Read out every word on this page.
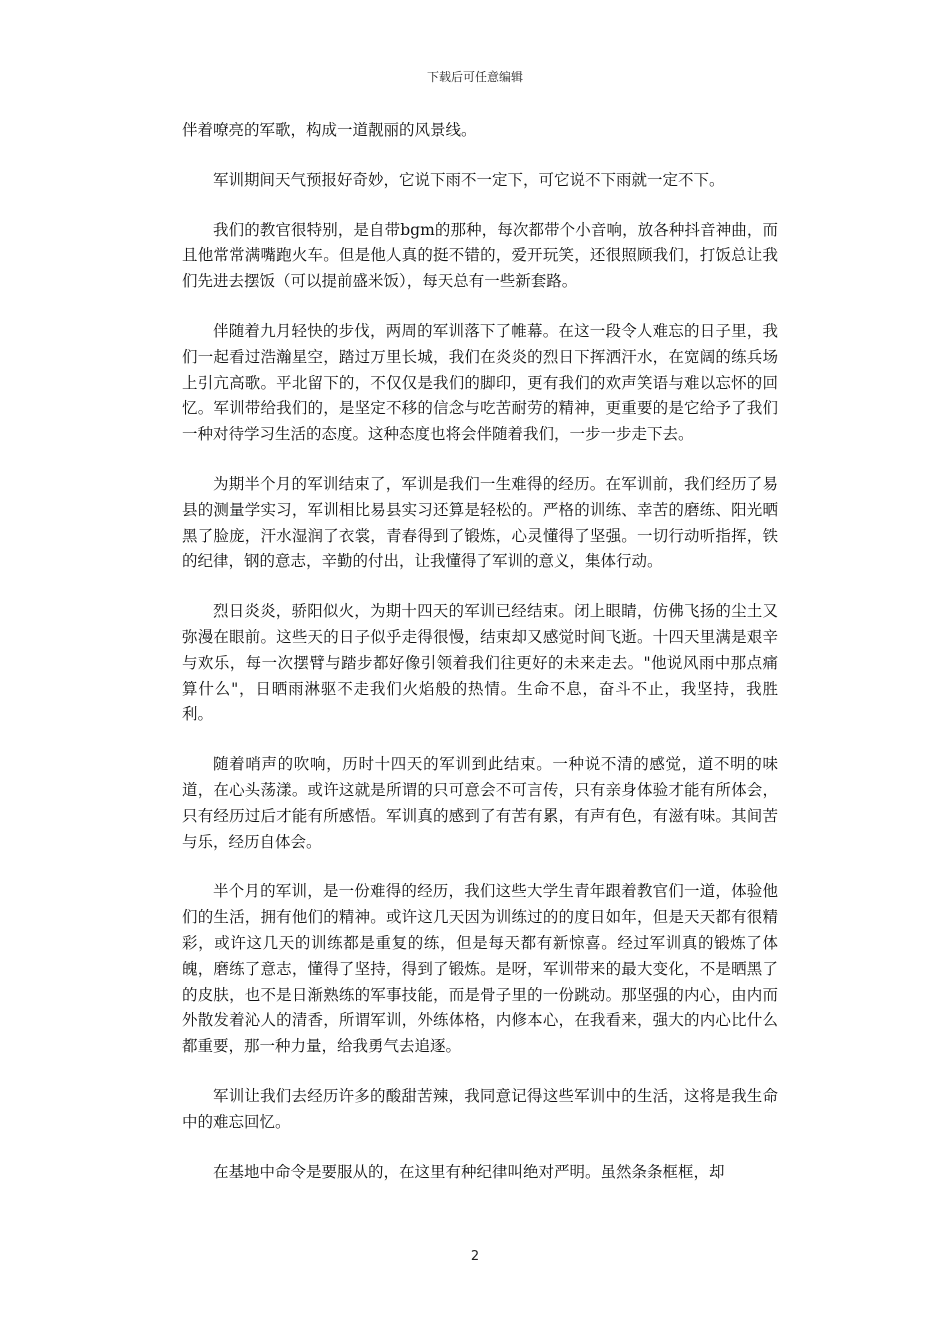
下载后可任意编辑

伴着嘹亮的军歌，构成一道靓丽的风景线。

军训期间天气预报好奇妙，它说下雨不一定下，可它说不下雨就一定不下。

我们的教官很特别，是自带bgm的那种，每次都带个小音响，放各种抖音神曲，而且他常常满嘴跑火车。但是他人真的挺不错的，爱开玩笑，还很照顾我们，打饭总让我们先进去摆饭（可以提前盛米饭），每天总有一些新套路。

伴随着九月轻快的步伐，两周的军训落下了帷幕。在这一段令人难忘的日子里，我们一起看过浩瀚星空，踏过万里长城，我们在炎炎的烈日下挥洒汗水，在宽阔的练兵场上引亢高歌。平北留下的，不仅仅是我们的脚印，更有我们的欢声笑语与难以忘怀的回忆。军训带给我们的，是坚定不移的信念与吃苦耐劳的精神，更重要的是它给予了我们一种对待学习生活的态度。这种态度也将会伴随着我们，一步一步走下去。

为期半个月的军训结束了，军训是我们一生难得的经历。在军训前，我们经历了易县的测量学实习，军训相比易县实习还算是轻松的。严格的训练、幸苦的磨练、阳光晒黑了脸庞，汗水湿润了衣裳，青春得到了锻炼，心灵懂得了坚强。一切行动听指挥，铁的纪律，钢的意志，辛勤的付出，让我懂得了军训的意义，集体行动。

烈日炎炎，骄阳似火，为期十四天的军训已经结束。闭上眼睛，仿佛飞扬的尘土又弥漫在眼前。这些天的日子似乎走得很慢，结束却又感觉时间飞逝。十四天里满是艰辛与欢乐，每一次摆臂与踏步都好像引领着我们往更好的未来走去。"他说风雨中那点痛算什么"，日晒雨淋驱不走我们火焰般的热情。生命不息，奋斗不止，我坚持，我胜利。

随着哨声的吹响，历时十四天的军训到此结束。一种说不清的感觉，道不明的味道，在心头荡漾。或许这就是所谓的只可意会不可言传，只有亲身体验才能有所体会，只有经历过后才能有所感悟。军训真的感到了有苦有累，有声有色，有滋有味。其间苦与乐，经历自体会。

半个月的军训，是一份难得的经历，我们这些大学生青年跟着教官们一道，体验他们的生活，拥有他们的精神。或许这几天因为训练过的的度日如年，但是天天都有很精彩，或许这几天的训练都是重复的练，但是每天都有新惊喜。经过军训真的锻炼了体魄，磨练了意志，懂得了坚持，得到了锻炼。是呀，军训带来的最大变化，不是晒黑了的皮肤，也不是日渐熟练的军事技能，而是骨子里的一份跳动。那坚强的内心，由内而外散发着沁人的清香，所谓军训，外练体格，内修本心，在我看来，强大的内心比什么都重要，那一种力量，给我勇气去追逐。

军训让我们去经历许多的酸甜苦辣，我同意记得这些军训中的生活，这将是我生命中的难忘回忆。

在基地中命令是要服从的，在这里有种纪律叫绝对严明。虽然条条框框，却

2
